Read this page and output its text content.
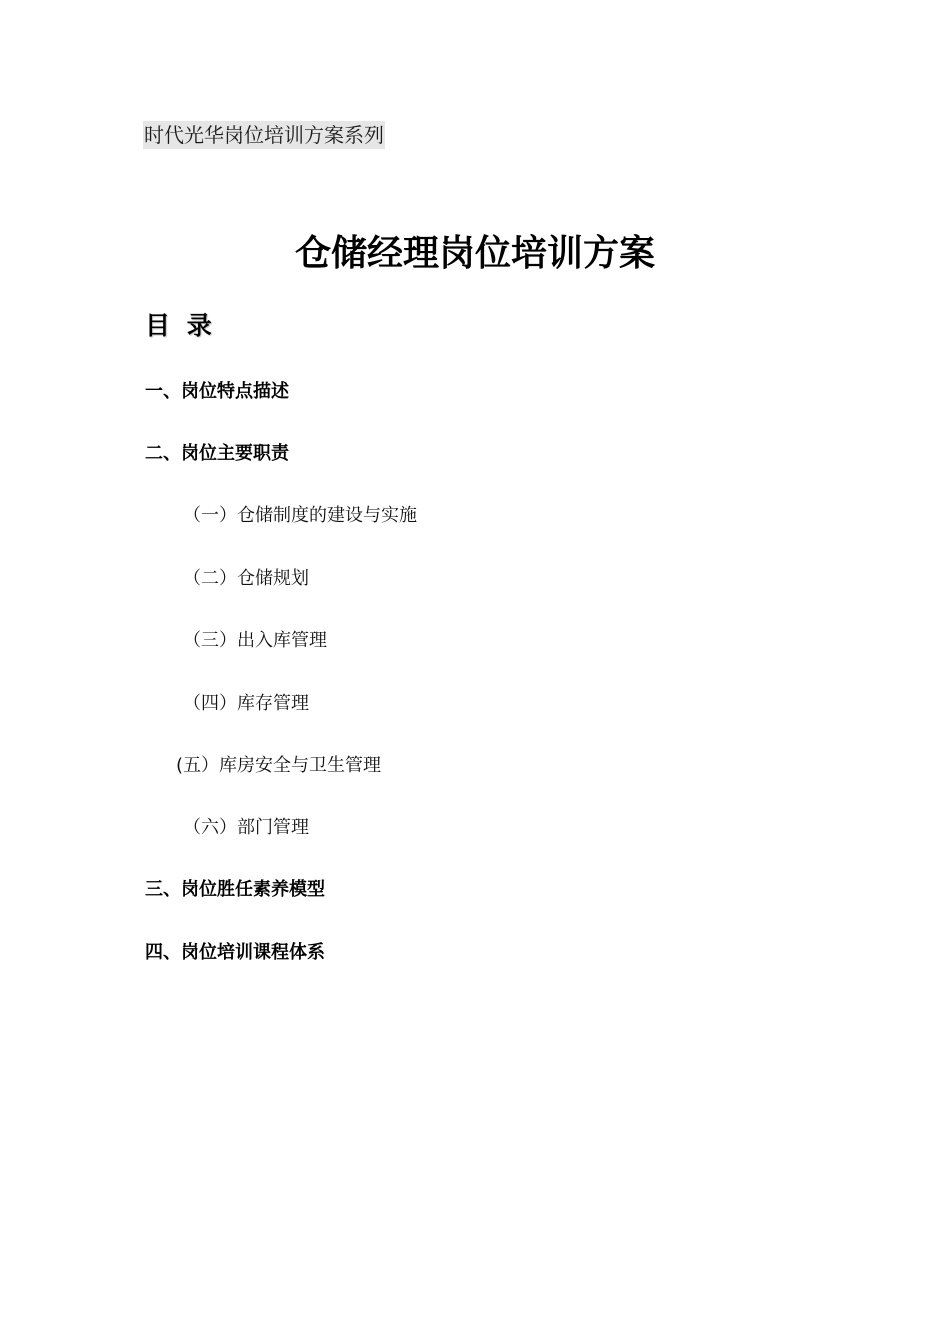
时代光华岗位培训方案系列
仓储经理岗位培训方案
目 录
一、岗位特点描述
二、岗位主要职责
（一）仓储制度的建设与实施
（二）仓储规划
（三）出入库管理
（四）库存管理
(五）库房安全与卫生管理
（六）部门管理
三、岗位胜任素养模型
四、岗位培训课程体系
